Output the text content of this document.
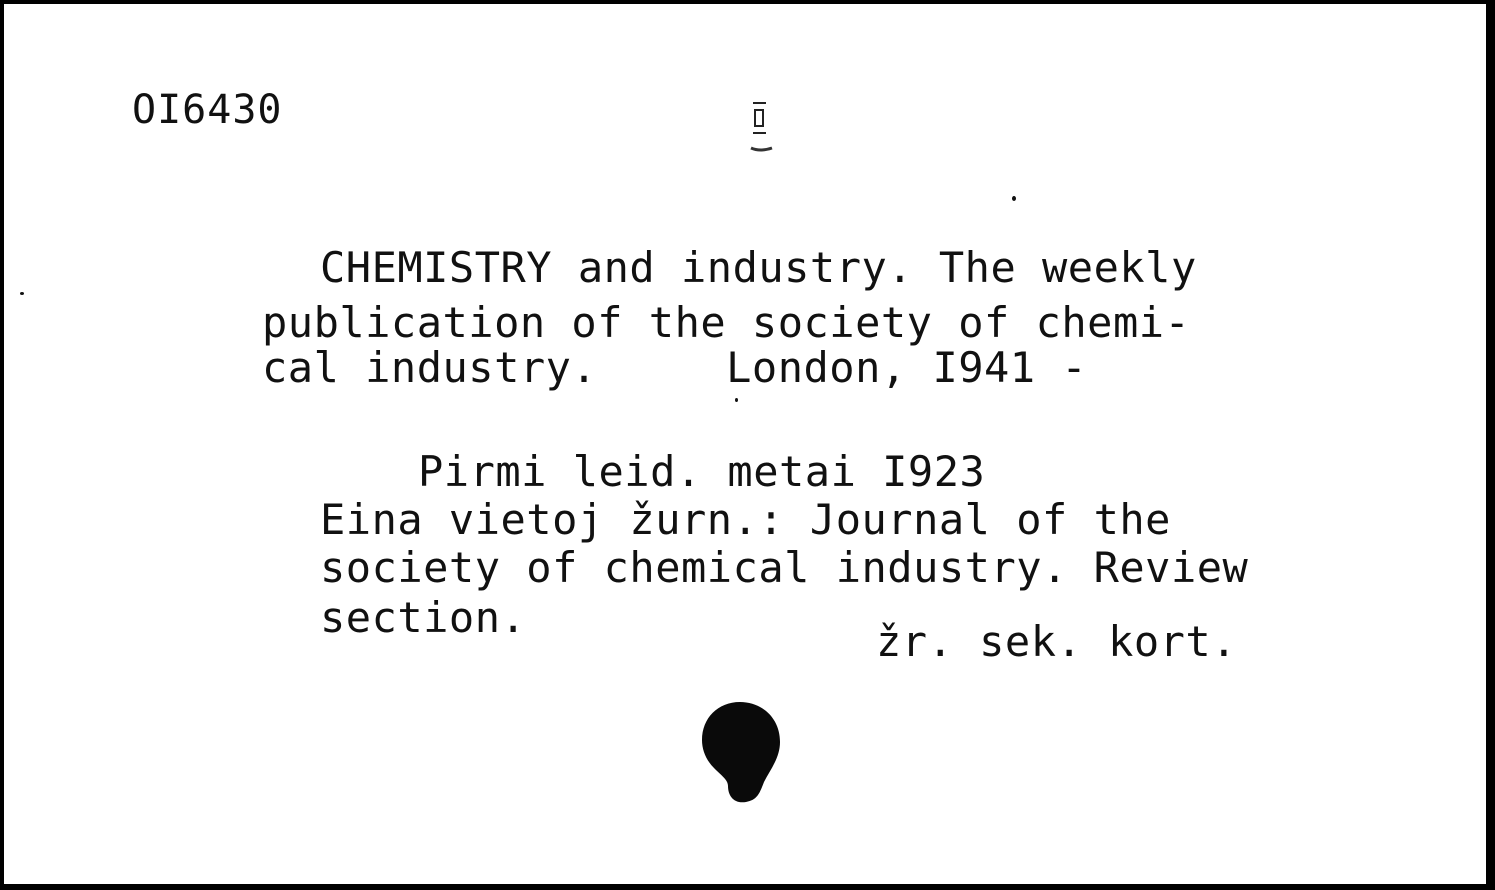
OI6430
CHEMISTRY and industry. The weekly
publication of the society of chemi-
cal industry.     London, I941 -
Pirmi leid. metai I923
Eina vietoj žurn.: Journal of the
society of chemical industry. Review
section.	žr. sek. kort.
